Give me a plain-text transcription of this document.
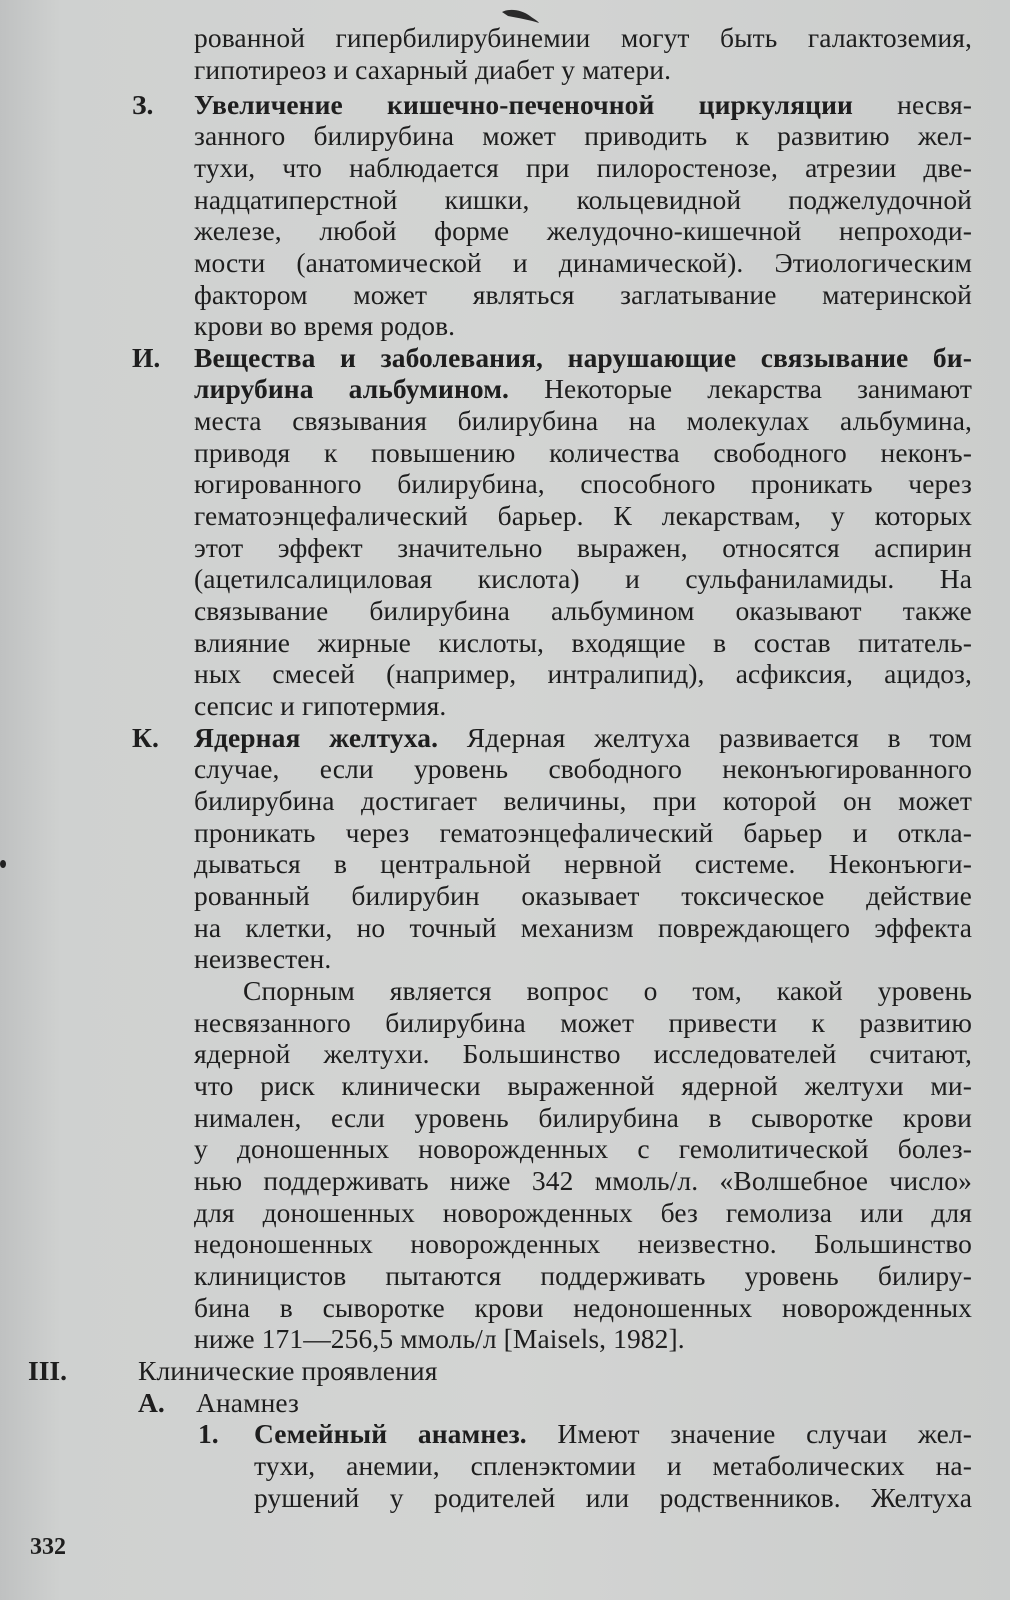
рованной гипербилирубинемии могут быть галактоземия,
гипотиреоз и сахарный диабет у матери.
З. Увеличение кишечно-печеночной циркуляции несвя-
занного билирубина может приводить к развитию жел-
тухи, что наблюдается при пилоростенозе, атрезии две-
надцатиперстной кишки, кольцевидной поджелудочной
железе, любой форме желудочно-кишечной непроходи-
мости (анатомической и динамической). Этиологическим
фактором может являться заглатывание материнской
крови во время родов.
И. Вещества и заболевания, нарушающие связывание би-
лирубина альбумином. Некоторые лекарства занимают
места связывания билирубина на молекулах альбумина,
приводя к повышению количества свободного неконъ-
югированного билирубина, способного проникать через
гематоэнцефалический барьер. К лекарствам, у которых
этот эффект значительно выражен, относятся аспирин
(ацетилсалициловая кислота) и сульфаниламиды. На
связывание билирубина альбумином оказывают также
влияние жирные кислоты, входящие в состав питатель-
ных смесей (например, интралипид), асфиксия, ацидоз,
сепсис и гипотермия.
К. Ядерная желтуха. Ядерная желтуха развивается в том
случае, если уровень свободного неконъюгированного
билирубина достигает величины, при которой он может
проникать через гематоэнцефалический барьер и откла-
дываться в центральной нервной системе. Неконъюги-
рованный билирубин оказывает токсическое действие
на клетки, но точный механизм повреждающего эффекта
неизвестен.
Спорным является вопрос о том, какой уровень
несвязанного билирубина может привести к развитию
ядерной желтухи. Большинство исследователей считают,
что риск клинически выраженной ядерной желтухи ми-
нимален, если уровень билирубина в сыворотке крови
у доношенных новорожденных с гемолитической болез-
нью поддерживать ниже 342 ммоль/л. «Волшебное число»
для доношенных новорожденных без гемолиза или для
недоношенных новорожденных неизвестно. Большинство
клиницистов пытаются поддерживать уровень билиру-
бина в сыворотке крови недоношенных новорожденных
ниже 171—256,5 ммоль/л [Maisels, 1982].
III.	Клинические проявления
А. Анамнез
1. Семейный анамнез. Имеют значение случаи жел-
тухи, анемии, спленэктомии и метаболических на-
рушений у родителей или родственников. Желтуха
332
